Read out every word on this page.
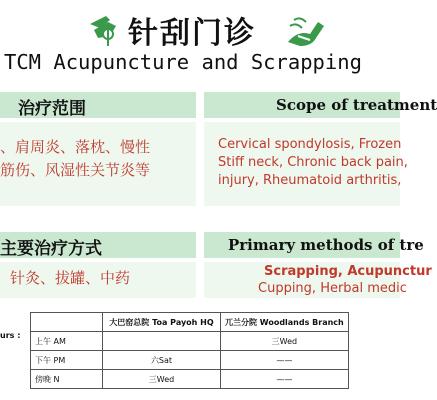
针刮门诊
TCM Acupuncture and Scrapping
治疗范围	Scope of treatment
、肩周炎、落枕、慢性
筋伤、风湿性关节炎等
Cervical spondylosis, Frozen
Stiff neck, Chronic back pain,
injury, Rheumatoid arthritis,
主要治疗方式	Primary methods of tre
针灸、拔罐、中药	Scrapping, Acupunctur
Cupping, Herbal medic
urs :
	大巴窑总院 Toa Payoh HQ	兀兰分院 Woodlands Branch
上午 AM		三Wed
下午 PM	六Sat	——
傍晚 N	三Wed	——
